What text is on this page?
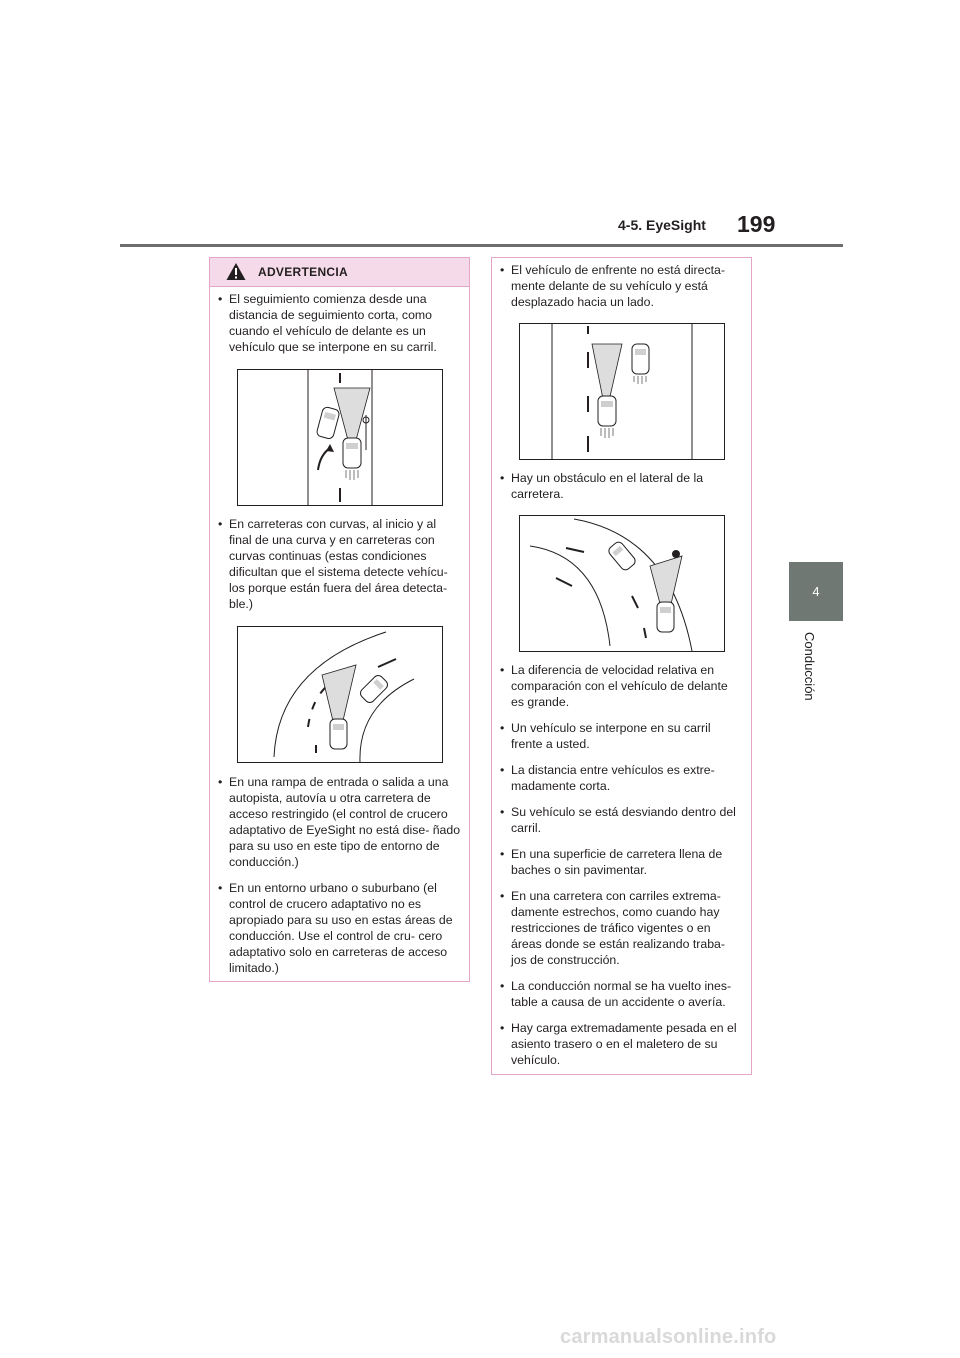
4-5. EyeSight 199
4
Conducción
ADVERTENCIA
• El seguimiento comienza desde una distancia de seguimiento corta, como cuando el vehículo de delante es un vehículo que se interpone en su carril.
• En carreteras con curvas, al inicio y al final de una curva y en carreteras con curvas continuas (estas condiciones dificultan que el sistema detecte vehícu- los porque están fuera del área detecta- ble.)
• En una rampa de entrada o salida a una autopista, autovía u otra carretera de acceso restringido (el control de crucero adaptativo de EyeSight no está dise- ñado para su uso en este tipo de entorno de conducción.)
• En un entorno urbano o suburbano (el control de crucero adaptativo no es apropiado para su uso en estas áreas de conducción. Use el control de cru- cero adaptativo solo en carreteras de acceso limitado.)
• El vehículo de enfrente no está directa- mente delante de su vehículo y está desplazado hacia un lado.
• Hay un obstáculo en el lateral de la carretera.
• La diferencia de velocidad relativa en comparación con el vehículo de delante es grande.
• Un vehículo se interpone en su carril frente a usted.
• La distancia entre vehículos es extre- madamente corta.
• Su vehículo se está desviando dentro del carril.
• En una superficie de carretera llena de baches o sin pavimentar.
• En una carretera con carriles extrema- damente estrechos, como cuando hay restricciones de tráfico vigentes o en áreas donde se están realizando traba- jos de construcción.
• La conducción normal se ha vuelto ines- table a causa de un accidente o avería.
• Hay carga extremadamente pesada en el asiento trasero o en el maletero de su vehículo.
carmanualsonline.info
